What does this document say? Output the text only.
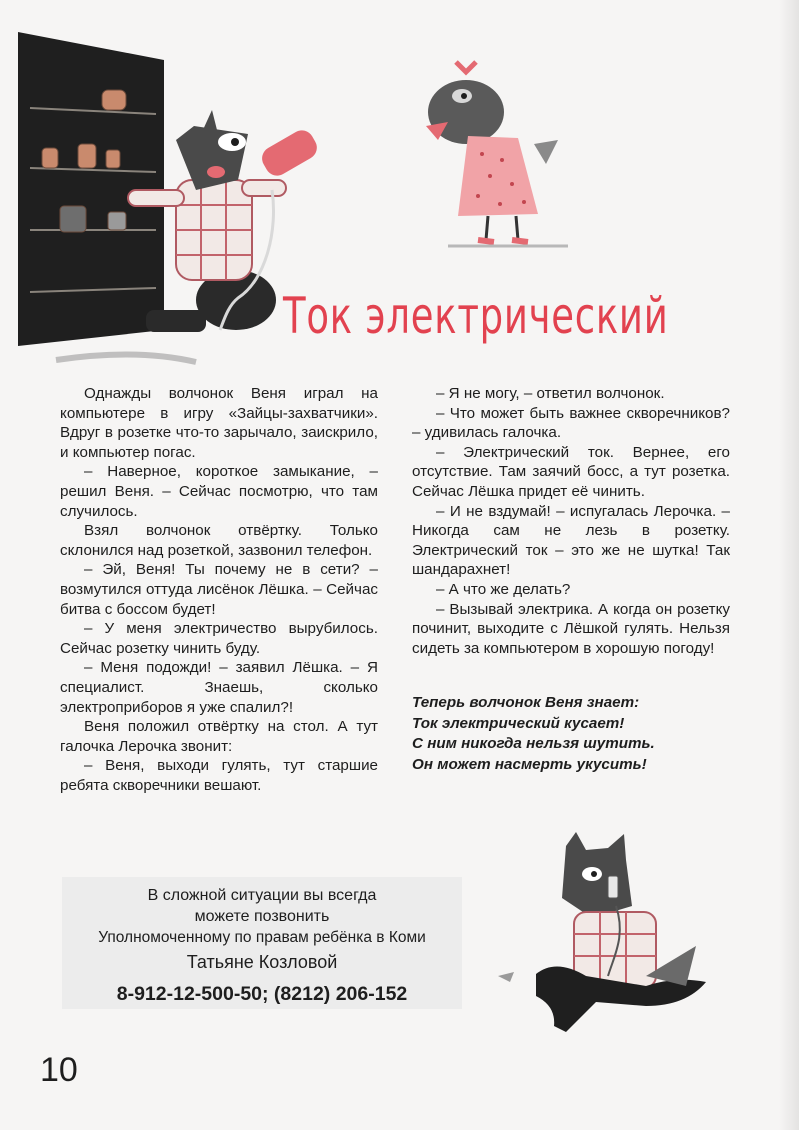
Ток электрический

Однажды волчонок Веня играл на компьютере в игру «Зайцы-захватчики». Вдруг в розетке что-то зарычало, заискрило, и компьютер погас.

– Наверное, короткое замыкание, – решил Веня. – Сейчас посмотрю, что там случилось.

Взял волчонок отвёртку. Только склонился над розеткой, зазвонил телефон.

– Эй, Веня! Ты почему не в сети? – возмутился оттуда лисёнок Лёшка. – Сейчас битва с боссом будет!

– У меня электричество вырубилось. Сейчас розетку чинить буду.

– Меня подожди! – заявил Лёшка. – Я специалист. Знаешь, сколько электроприборов я уже спалил?!

Веня положил отвёртку на стол. А тут галочка Лерочка звонит:

– Веня, выходи гулять, тут старшие ребята скворечники вешают.

– Я не могу, – ответил волчонок.

– Что может быть важнее скворечников? – удивилась галочка.

– Электрический ток. Вернее, его отсутствие. Там заячий босс, а тут розетка. Сейчас Лёшка придет её чинить.

– И не вздумай! – испугалась Лерочка. – Никогда сам не лезь в розетку. Электрический ток – это же не шутка! Так шандарахнет!

– А что же делать?

– Вызывай электрика. А когда он розетку починит, выходите с Лёшкой гулять. Нельзя сидеть за компьютером в хорошую погоду!

Теперь волчонок Веня знает:

Ток электрический кусает!

С ним никогда нельзя шутить.

Он может насмерть укусить!

В сложной ситуации вы всегда
можете позвонить
Уполномоченному по правам ребёнка в Коми
Татьяне Козловой
8-912-12-500-50; (8212) 206-152
10
